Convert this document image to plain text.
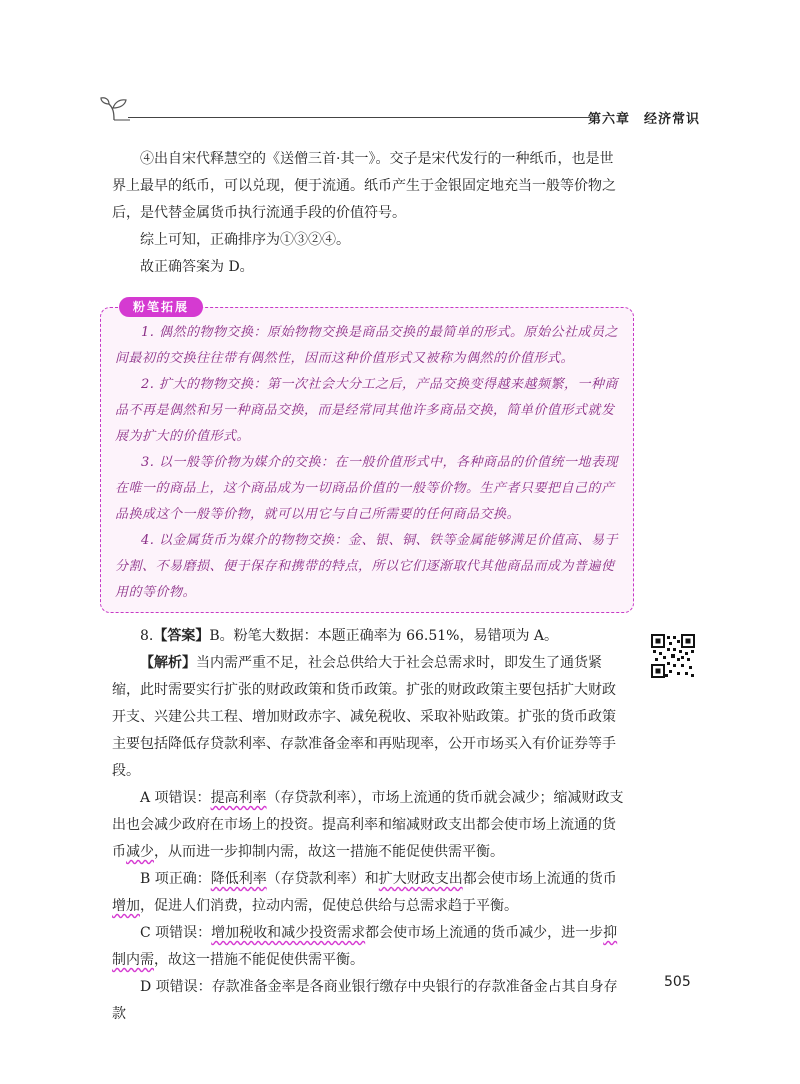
第六章 经济常识

④出自宋代释慧空的《送僧三首·其一》。交子是宋代发行的一种纸币，也是世界上最早的纸币，可以兑现，便于流通。纸币产生于金银固定地充当一般等价物之后，是代替金属货币执行流通手段的价值符号。

综上可知，正确排序为①③②④。

故正确答案为 D。

粉笔拓展

1. 偶然的物物交换：原始物物交换是商品交换的最简单的形式。原始公社成员之间最初的交换往往带有偶然性，因而这种价值形式又被称为偶然的价值形式。

2. 扩大的物物交换：第一次社会大分工之后，产品交换变得越来越频繁，一种商品不再是偶然和另一种商品交换，而是经常同其他许多商品交换，简单价值形式就发展为扩大的价值形式。

3. 以一般等价物为媒介的交换：在一般价值形式中，各种商品的价值统一地表现在唯一的商品上，这个商品成为一切商品价值的一般等价物。生产者只要把自己的产品换成这个一般等价物，就可以用它与自己所需要的任何商品交换。

4. 以金属货币为媒介的物物交换：金、银、铜、铁等金属能够满足价值高、易于分割、不易磨损、便于保存和携带的特点，所以它们逐渐取代其他商品而成为普遍使用的等价物。

8.【答案】B。粉笔大数据：本题正确率为 66.51%，易错项为 A。

【解析】当内需严重不足，社会总供给大于社会总需求时，即发生了通货紧缩，此时需要实行扩张的财政政策和货币政策。扩张的财政政策主要包括扩大财政开支、兴建公共工程、增加财政赤字、减免税收、采取补贴政策。扩张的货币政策主要包括降低存贷款利率、存款准备金率和再贴现率，公开市场买入有价证券等手段。

A 项错误：提高利率（存贷款利率），市场上流通的货币就会减少；缩减财政支出也会减少政府在市场上的投资。提高利率和缩减财政支出都会使市场上流通的货币减少，从而进一步抑制内需，故这一措施不能促使供需平衡。

B 项正确：降低利率（存贷款利率）和扩大财政支出都会使市场上流通的货币增加，促进人们消费，拉动内需，促使总供给与总需求趋于平衡。

C 项错误：增加税收和减少投资需求都会使市场上流通的货币减少，进一步抑制内需，故这一措施不能促使供需平衡。

D 项错误：存款准备金率是各商业银行缴存中央银行的存款准备金占其自身存款

505
